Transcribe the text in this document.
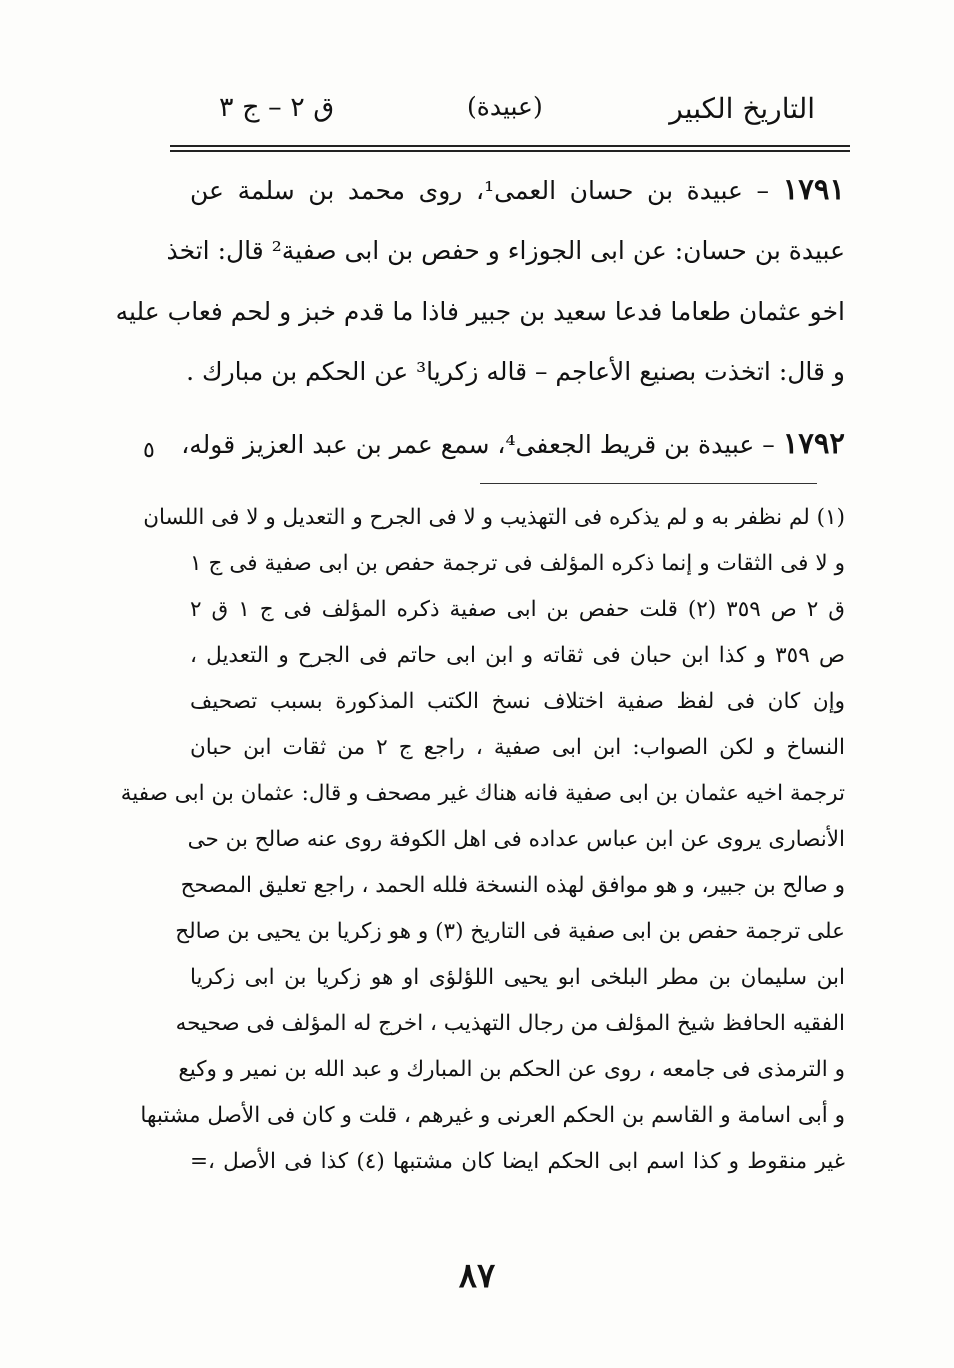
التاريخ الكبير
(عبيدة)
ق ٢ – ج ٣
١٧٩١ – عبيدة بن حسان العمى¹، روى محمد بن سلمة عن
عبيدة بن حسان: عن ابى الجوزاء و حفص بن ابى صفية² قال: اتخذ
اخو عثمان طعاما فدعا سعيد بن جبير فاذا ما قدم خبز و لحم فعاب عليه
و قال: اتخذت بصنيع الأعاجم – قاله زكريا³ عن الحكم بن مبارك .
١٧٩٢ – عبيدة بن قريط الجعفى⁴، سمع عمر بن عبد العزيز قوله،
٥
(١) لم نظفر به و لم يذكره فى التهذيب و لا فى الجرح و التعديل و لا فى اللسان
و لا فى الثقات و إنما ذكره المؤلف فى ترجمة حفص بن ابى صفية فى ج ١
ق ٢ ص ٣٥٩ (٢) قلت حفص بن ابى صفية ذكره المؤلف فى ج ١ ق ٢
ص ٣٥٩ و كذا ابن حبان فى ثقاته و ابن ابى حاتم فى الجرح و التعديل ،
وإن كان فى لفظ صفية اختلاف نسخ الكتب المذكورة بسبب تصحيف
النساخ و لكن الصواب: ابن ابى صفية ، راجع ج ٢ من ثقات ابن حبان
ترجمة اخيه عثمان بن ابى صفية فانه هناك غير مصحف و قال: عثمان بن ابى صفية
الأنصارى يروى عن ابن عباس عداده فى اهل الكوفة روى عنه صالح بن حى
و صالح بن جبير، و هو موافق لهذه النسخة فلله الحمد ، راجع تعليق المصحح
على ترجمة حفص بن ابى صفية فى التاريخ (٣) و هو زكريا بن يحيى بن صالح
ابن سليمان بن مطر البلخى ابو يحيى اللؤلؤى او هو زكريا بن ابى زكريا
الفقيه الحافظ شيخ المؤلف من رجال التهذيب ، اخرج له المؤلف فى صحيحه
و الترمذى فى جامعه ، روى عن الحكم بن المبارك و عبد الله بن نمير و وكيع
و أبى اسامة و القاسم بن الحكم العرنى و غيرهم ، قلت و كان فى الأصل مشتبها
غير منقوط و كذا اسم ابى الحكم ايضا كان مشتبها (٤) كذا فى الأصل ،=
٨٧
